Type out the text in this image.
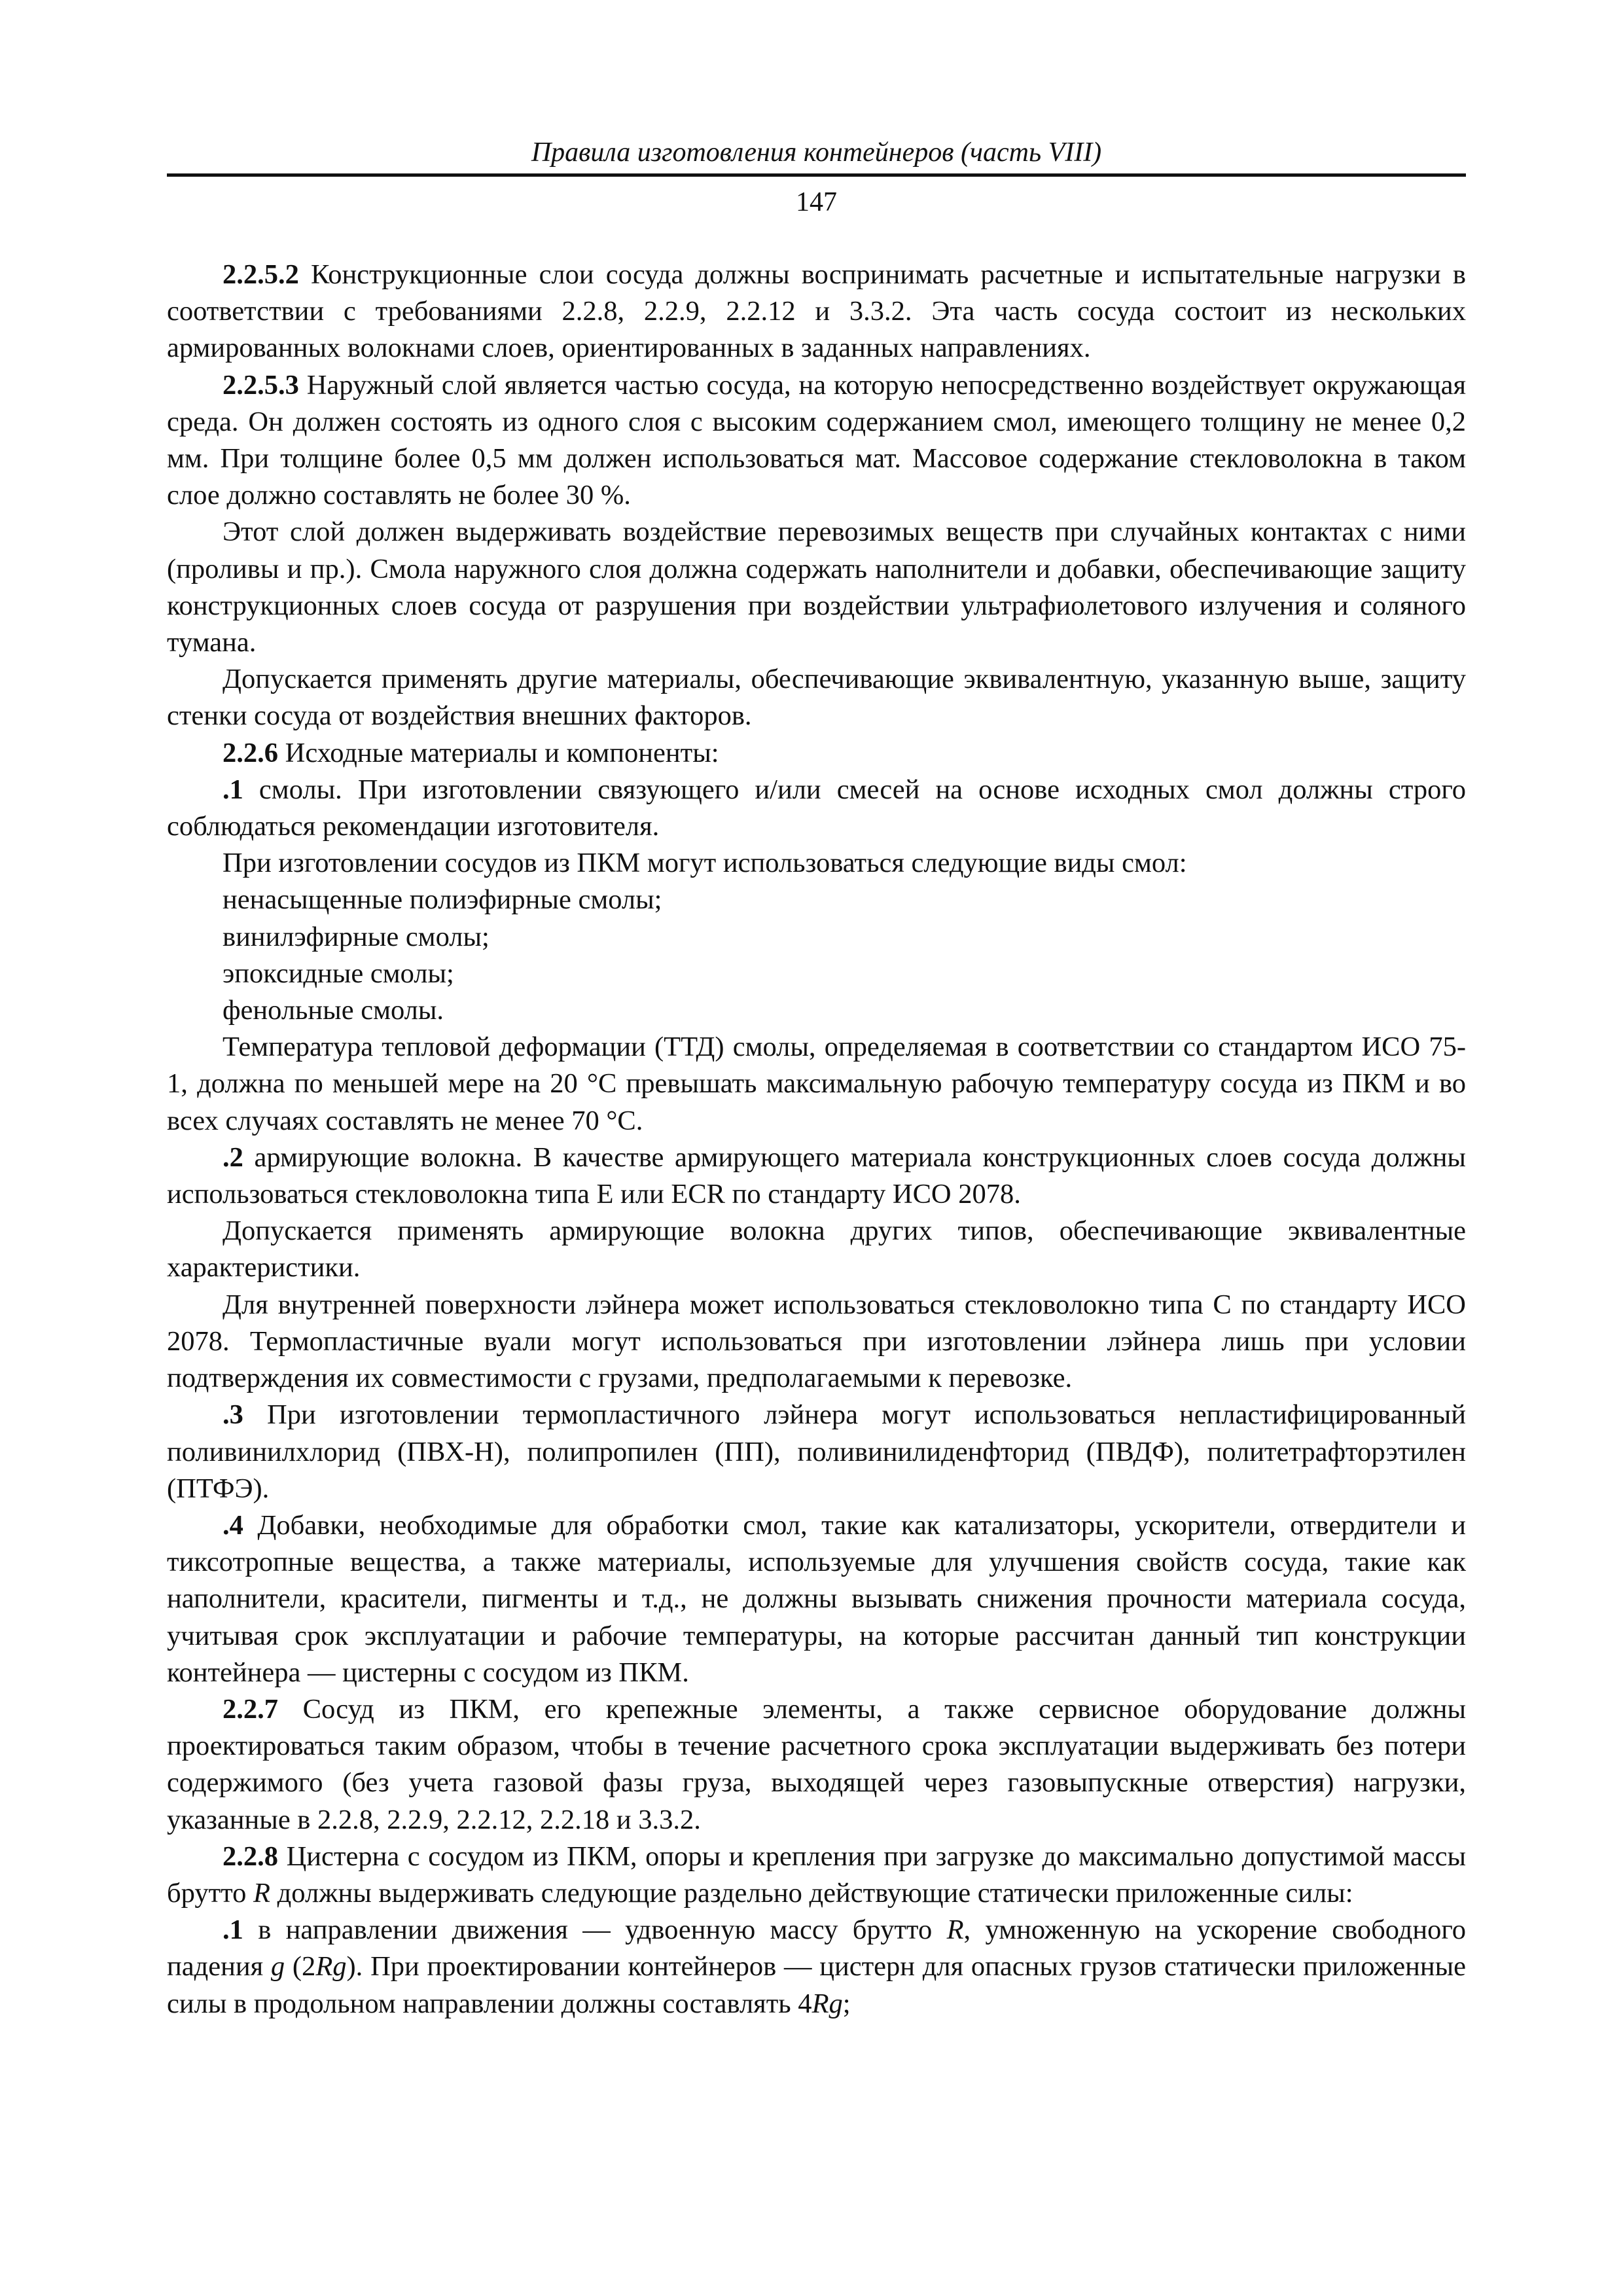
Правила изготовления контейнеров (часть VIII)
147

2.2.5.2 Конструкционные слои сосуда должны воспринимать расчетные и испытательные нагрузки в соответствии с требованиями 2.2.8, 2.2.9, 2.2.12 и 3.3.2. Эта часть сосуда состоит из нескольких армированных волокнами слоев, ориентированных в заданных направлениях.

2.2.5.3 Наружный слой является частью сосуда, на которую непосредственно воздействует окружающая среда. Он должен состоять из одного слоя с высоким содержанием смол, имеющего толщину не менее 0,2 мм. При толщине более 0,5 мм должен использоваться мат. Массовое содержание стекловолокна в таком слое должно составлять не более 30 %.

Этот слой должен выдерживать воздействие перевозимых веществ при случайных контактах с ними (проливы и пр.). Смола наружного слоя должна содержать наполнители и добавки, обеспечивающие защиту конструкционных слоев сосуда от разрушения при воздействии ультрафиолетового излучения и соляного тумана.

Допускается применять другие материалы, обеспечивающие эквивалентную, указанную выше, защиту стенки сосуда от воздействия внешних факторов.

2.2.6 Исходные материалы и компоненты:

.1 смолы. При изготовлении связующего и/или смесей на основе исходных смол должны строго соблюдаться рекомендации изготовителя.

При изготовлении сосудов из ПКМ могут использоваться следующие виды смол:

ненасыщенные полиэфирные смолы;

винилэфирные смолы;

эпоксидные смолы;

фенольные смолы.

Температура тепловой деформации (ТТД) смолы, определяемая в соответствии со стандартом ИСО 75-1, должна по меньшей мере на 20 °С превышать максимальную рабочую температуру сосуда из ПКМ и во всех случаях составлять не менее 70 °С.

.2 армирующие волокна. В качестве армирующего материала конструкционных слоев сосуда должны использоваться стекловолокна типа Е или ЕСR по стандарту ИСО 2078.

Допускается применять армирующие волокна других типов, обеспечивающие эквивалентные характеристики.

Для внутренней поверхности лэйнера может использоваться стекловолокно типа С по стандарту ИСО 2078. Термопластичные вуали могут использоваться при изготовлении лэйнера лишь при условии подтверждения их совместимости с грузами, предполагаемыми к перевозке.

.3 При изготовлении термопластичного лэйнера могут использоваться непластифицированный поливинилхлорид (ПВХ-Н), полипропилен (ПП), поливинилиденфторид (ПВДФ), политетрафторэтилен (ПТФЭ).

.4 Добавки, необходимые для обработки смол, такие как катализаторы, ускорители, отвердители и тиксотропные вещества, а также материалы, используемые для улучшения свойств сосуда, такие как наполнители, красители, пигменты и т.д., не должны вызывать снижения прочности материала сосуда, учитывая срок эксплуатации и рабочие температуры, на которые рассчитан данный тип конструкции контейнера — цистерны с сосудом из ПКМ.

2.2.7 Сосуд из ПКМ, его крепежные элементы, а также сервисное оборудование должны проектироваться таким образом, чтобы в течение расчетного срока эксплуатации выдерживать без потери содержимого (без учета газовой фазы груза, выходящей через газовыпускные отверстия) нагрузки, указанные в 2.2.8, 2.2.9, 2.2.12, 2.2.18 и 3.3.2.

2.2.8 Цистерна с сосудом из ПКМ, опоры и крепления при загрузке до максимально допустимой массы брутто R должны выдерживать следующие раздельно действующие статически приложенные силы:

.1 в направлении движения — удвоенную массу брутто R, умноженную на ускорение свободного падения g (2Rg). При проектировании контейнеров — цистерн для опасных грузов статически приложенные силы в продольном направлении должны составлять 4Rg;
